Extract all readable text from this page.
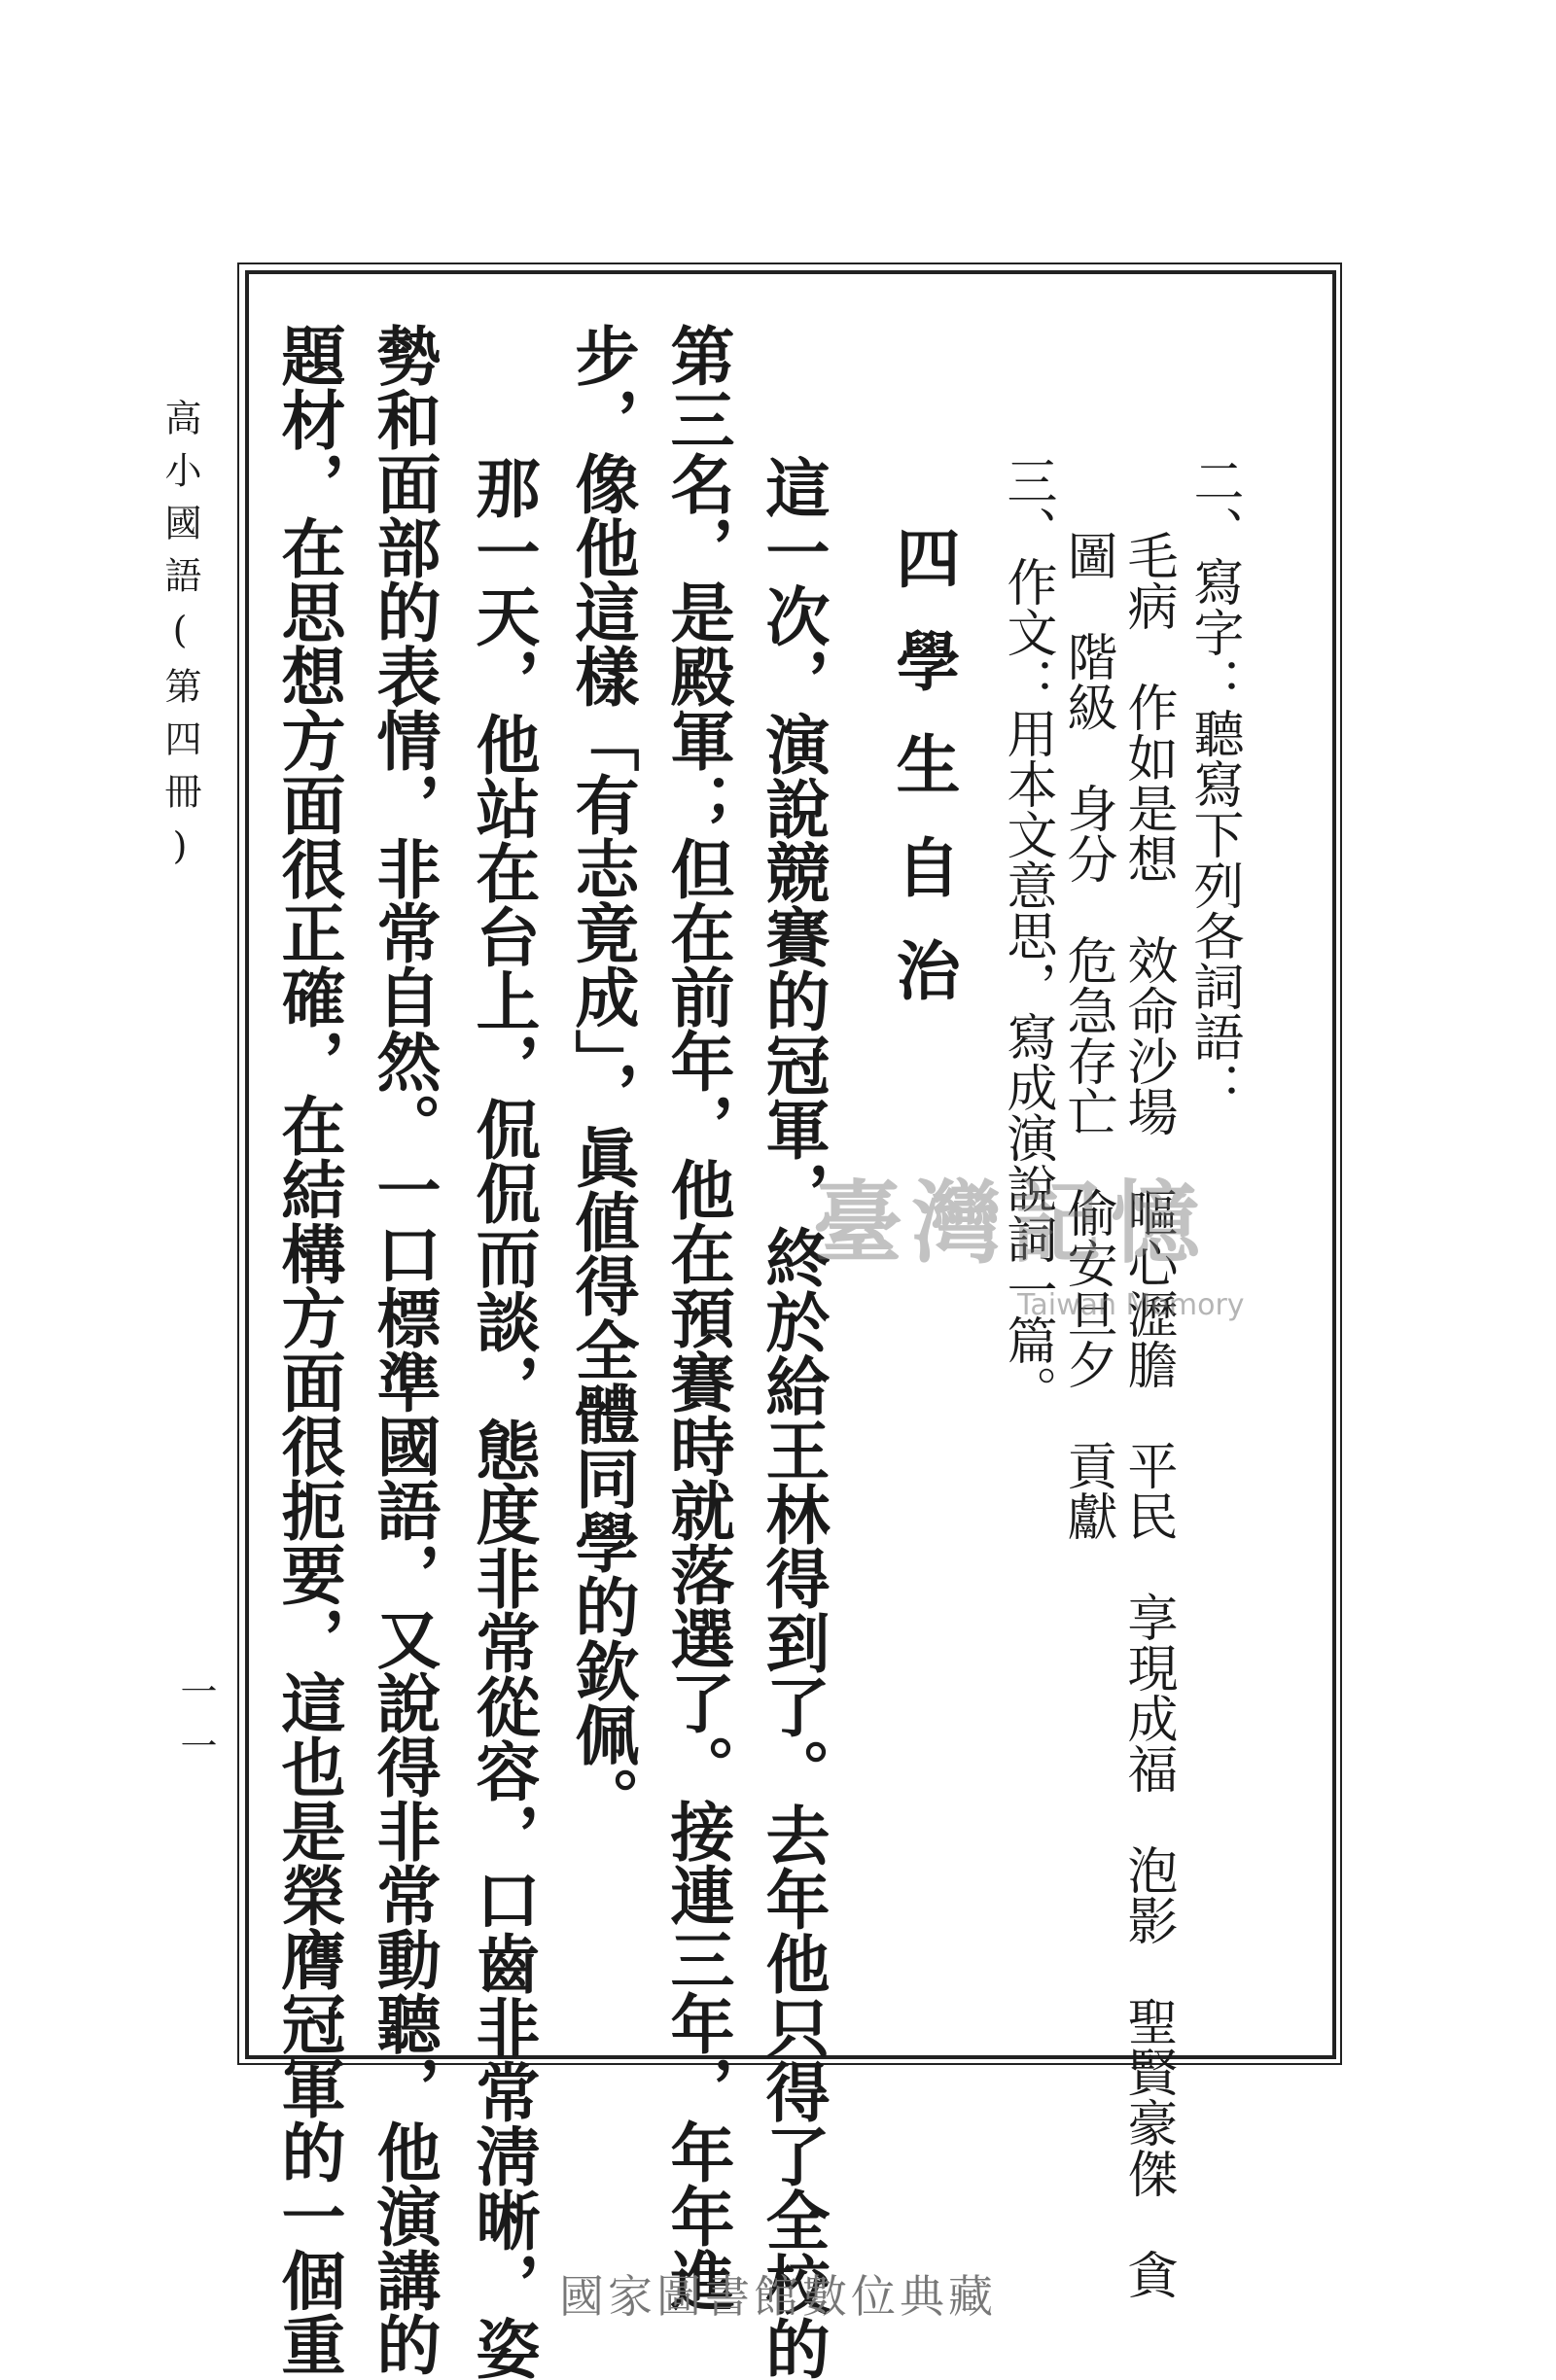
高小國語(第四冊)
一一
二、寫字：聽寫下列各詞語：
毛病　作如是想　效命沙場　嘔心瀝膽　平民　享現成福　泡影　聖賢豪傑　貪
圖　階級　身分　危急存亡　偷安旦夕　貢獻
三、作文：用本文意思，寫成演說詞一篇。
四學生自治
這一次，演說競賽的冠軍，終於給王林得到了。去年他只得了全校的
第三名，是殿軍；但在前年，他在預賽時就落選了。接連三年，年年進
步，像他這樣「有志竟成」，眞値得全體同學的欽佩。
那一天，他站在台上，侃侃而談，態度非常從容，口齒非常淸晰，姿
勢和面部的表情，非常自然。一口標準國語，又說得非常動聽，他演講的
題材，在思想方面很正確，在結構方面很扼要，這也是榮膺冠軍的一個重	臺灣記憶
Taiwan Memory
國家圖書館數位典藏
